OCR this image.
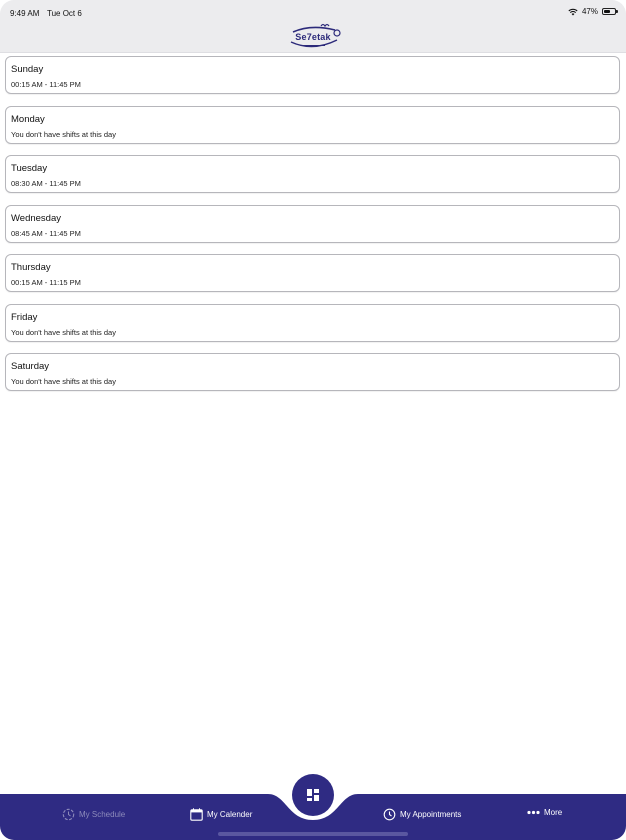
9:49 AM Tue Oct 6	47%
Se7etak
Sunday
00:15 AM - 11:45 PM
Monday
You don't have shifts at this day
Tuesday
08:30 AM - 11:45 PM
Wednesday
08:45 AM - 11:45 PM
Thursday
00:15 AM - 11:15 PM
Friday
You don't have shifts at this day
Saturday
You don't have shifts at this day
My Schedule	My Calender	My Appointments	More
